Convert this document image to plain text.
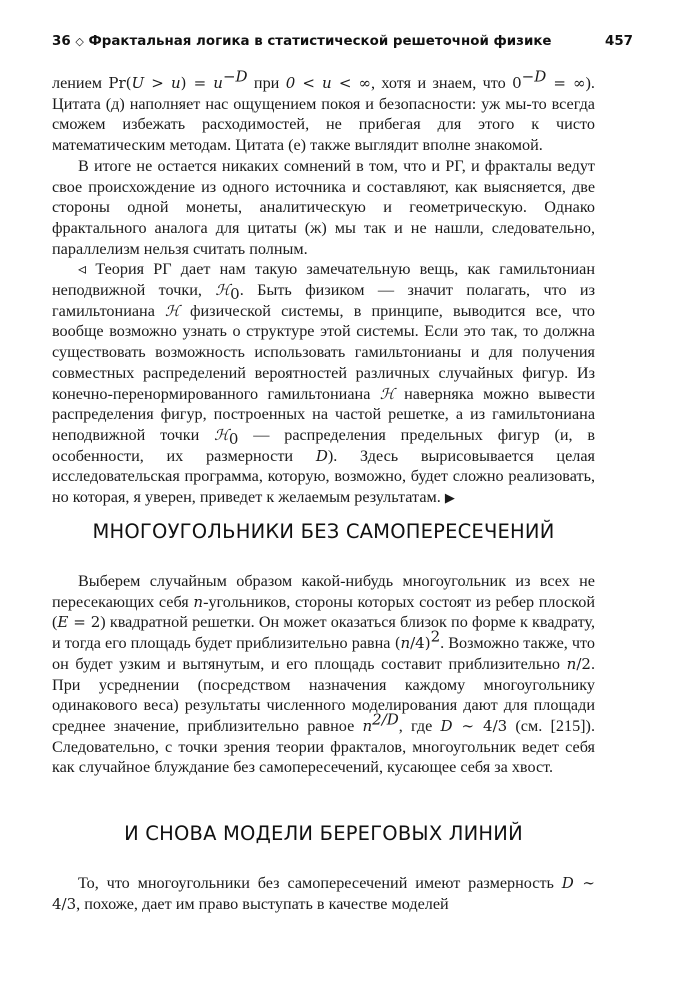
36 ◇ Фрактальная логика в статистической решеточной физике	457

лением $Pr(U > u) = u^{-D}$ при 0 < u < ∞, хотя и знаем, что $0^{-D}$ = ∞). Цитата (д) наполняет нас ощущением покоя и безопасности: уж мы-то всегда сможем избежать расходимостей, не прибегая для этого к чисто математическим методам. Цитата (е) также выглядит вполне знакомой.

В итоге не остается никаких сомнений в том, что и РГ, и фракталы ведут свое происхождение из одного источника и составляют, как выясняется, две стороны одной монеты, аналитическую и геометрическую. Однако фрактального аналога для цитаты (ж) мы так и не нашли, следовательно, параллелизм нельзя считать полным.

◃ Теория РГ дает нам такую замечательную вещь, как гамильтониан неподвижной точки, ℋ$_0$. Быть физиком — значит полагать, что из гамильтониана ℋ физической системы, в принципе, выводится все, что вообще возможно узнать о структуре этой системы. Если это так, то должна существовать возможность использовать гамильтонианы и для получения совместных распределений вероятностей различных случайных фигур. Из конечно-перенормированного гамильтониана ℋ наверняка можно вывести распределения фигур, построенных на частой решетке, а из гамильтониана неподвижной точки ℋ$_0$ — распределения предельных фигур (и, в особенности, их размерности D). Здесь вырисовывается целая исследовательская программа, которую, возможно, будет сложно реализовать, но которая, я уверен, приведет к желаемым результатам. ▶

МНОГОУГОЛЬНИКИ БЕЗ САМОПЕРЕСЕЧЕНИЙ

Выберем случайным образом какой-нибудь многоугольник из всех не пересекающих себя n-угольников, стороны которых состоят из ребер плоской (E = 2) квадратной решетки. Он может оказаться близок по форме к квадрату, и тогда его площадь будет приблизительно равна $(n/4)^2$. Возможно также, что он будет узким и вытянутым, и его площадь составит приблизительно n/2. При усреднении (посредством назначения каждому многоугольнику одинакового веса) результаты численного моделирования дают для площади среднее значение, приблизительно равное $n^{2/D}$, где D ∼ 4/3 (см. [215]). Следовательно, с точки зрения теории фракталов, многоугольник ведет себя как случайное блуждание без самопересечений, кусающее себя за хвост.

И СНОВА МОДЕЛИ БЕРЕГОВЫХ ЛИНИЙ

То, что многоугольники без самопересечений имеют размерность D ∼ 4/3, похоже, дает им право выступать в качестве моделей
